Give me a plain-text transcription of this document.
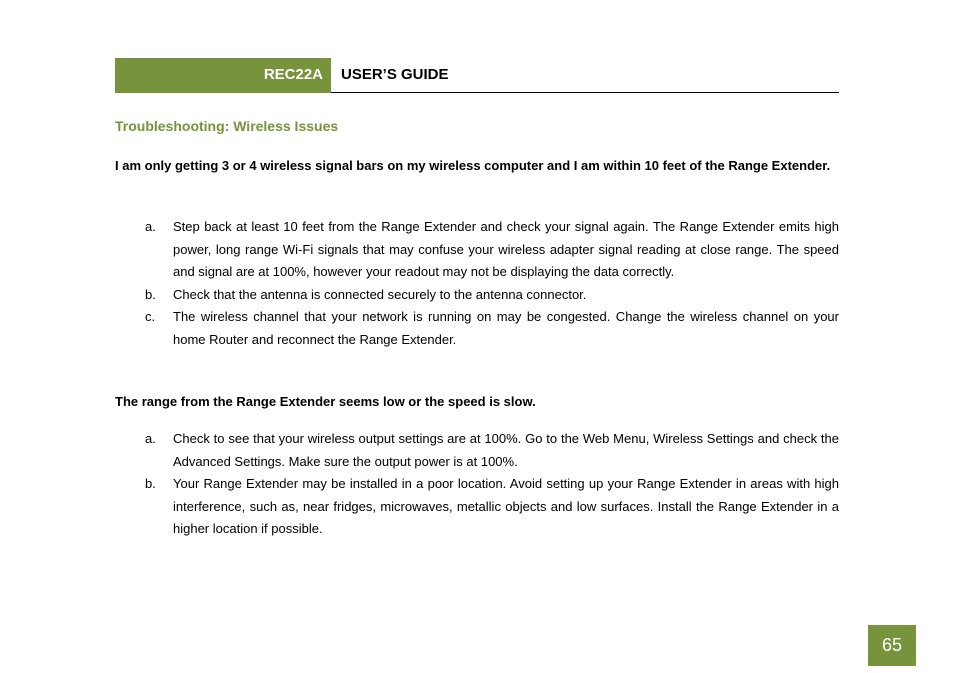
REC22A USER’S GUIDE
Troubleshooting: Wireless Issues
I am only getting 3 or 4 wireless signal bars on my wireless computer and I am within 10 feet of the Range Extender.
a. Step back at least 10 feet from the Range Extender and check your signal again. The Range Extender emits high power, long range Wi-Fi signals that may confuse your wireless adapter signal reading at close range. The speed and signal are at 100%, however your readout may not be displaying the data correctly.
b. Check that the antenna is connected securely to the antenna connector.
c. The wireless channel that your network is running on may be congested. Change the wireless channel on your home Router and reconnect the Range Extender.
The range from the Range Extender seems low or the speed is slow.
a. Check to see that your wireless output settings are at 100%. Go to the Web Menu, Wireless Settings and check the Advanced Settings. Make sure the output power is at 100%.
b. Your Range Extender may be installed in a poor location. Avoid setting up your Range Extender in areas with high interference, such as, near fridges, microwaves, metallic objects and low surfaces. Install the Range Extender in a higher location if possible.
65
